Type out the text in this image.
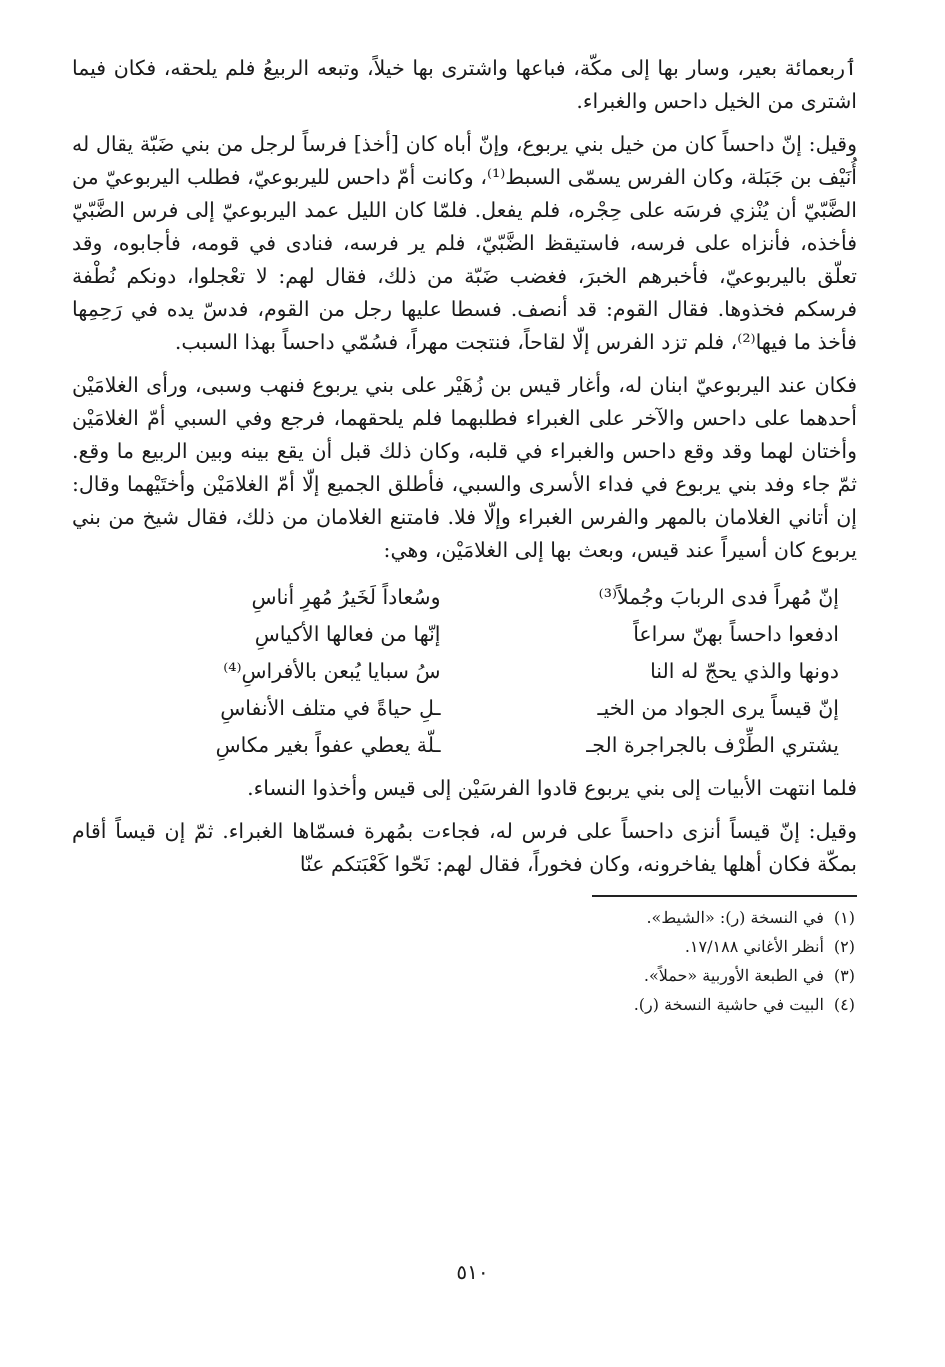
ٲربعمائة بعير، وسار بها إلى مكّة، فباعها واشترى بها خيلاً، وتبعه الربيعُ فلم يلحقه، فكان فيما اشترى من الخيل داحس والغبراء.

وقيل: إنّ داحساً كان من خيل بني يربوع، وإنّ أباه كان [أخذ] فرساً لرجل من بني ضَبّة يقال له أُنَيْف بن جَبَلة، وكان الفرس يسمّى السبط⁽¹⁾، وكانت أمّ داحس لليربوعيّ، فطلب اليربوعيّ من الضَّبّيّ أن يُنْزي فرسَه على حِجْره، فلم يفعل. فلمّا كان الليل عمد اليربوعيّ إلى فرس الضَّبّيّ فأخذه، فأنزاه على فرسه، فاستيقظ الضَّبّيّ، فلم ير فرسه، فنادى في قومه، فأجابوه، وقد تعلّق باليربوعيّ، فأخبرهم الخبرَ، فغضب ضَبّة من ذلك، فقال لهم: لا تعْجلوا، دونكم نُطْفة فرسكم فخذوها. فقال القوم: قد أنصف. فسطا عليها رجل من القوم، فدسّ يده في رَحِمِها فأخذ ما فيها⁽²⁾، فلم تزد الفرس إلّا لقاحاً، فنتجت مهراً، فسُمّي داحساً بهذا السبب.

فكان عند اليربوعيّ ابنان له، وأغار قيس بن زُهَيْر على بني يربوع فنهب وسبى، ورأى الغلامَيْن أحدهما على داحس والآخر على الغبراء فطلبهما فلم يلحقهما، فرجع وفي السبي أمّ الغلامَيْن وأختان لهما وقد وقع داحس والغبراء في قلبه، وكان ذلك قبل أن يقع بينه وبين الربيع ما وقع. ثمّ جاء وفد بني يربوع في فداء الأسرى والسبي، فأطلق الجميع إلّا أمّ الغلامَيْن وأختَيْهما وقال: إن أتاني الغلامان بالمهر والفرس الغبراء وإلّا فلا. فامتنع الغلامان من ذلك، فقال شيخ من بني يربوع كان أسيراً عند قيس، وبعث بها إلى الغلامَيْن، وهي:

إنّ مُهراً فدى الربابَ وجُملاً⁽³⁾
وسُعاداً لَخَيرُ مُهرِ أناسِ
ادفعوا داحساً بهنّ سراعاً
إنّها من فعالها الأكياسِ
دونها والذي يحجّ له النا
سُ سبايا يُبعن بالأفراسِ⁽⁴⁾
إنّ قيساً يرى الجواد من الخيـ
ـلِ حياةً في متلف الأنفاسِ
يشتري الطِّرْف بالجراجرة الجـ
ـلّة يعطي عفواً بغير مكاسِ

فلما انتهت الأبيات إلى بني يربوع قادوا الفرسَيْن إلى قيس وأخذوا النساء.

وقيل: إنّ قيساً أنزى داحساً على فرس له، فجاءت بمُهرة فسمّاها الغبراء. ثمّ إن قيساً أقام بمكّة فكان أهلها يفاخرونه، وكان فخوراً، فقال لهم: نَحّوا كَعْبَتكم عنّا

(١)في النسخة (ر): «الشيط».
(٢)أنظر الأغاني ١٧/١٨٨.
(٣)في الطبعة الأوربية «حملاً».
(٤)البيت في حاشية النسخة (ر).
٥١٠
